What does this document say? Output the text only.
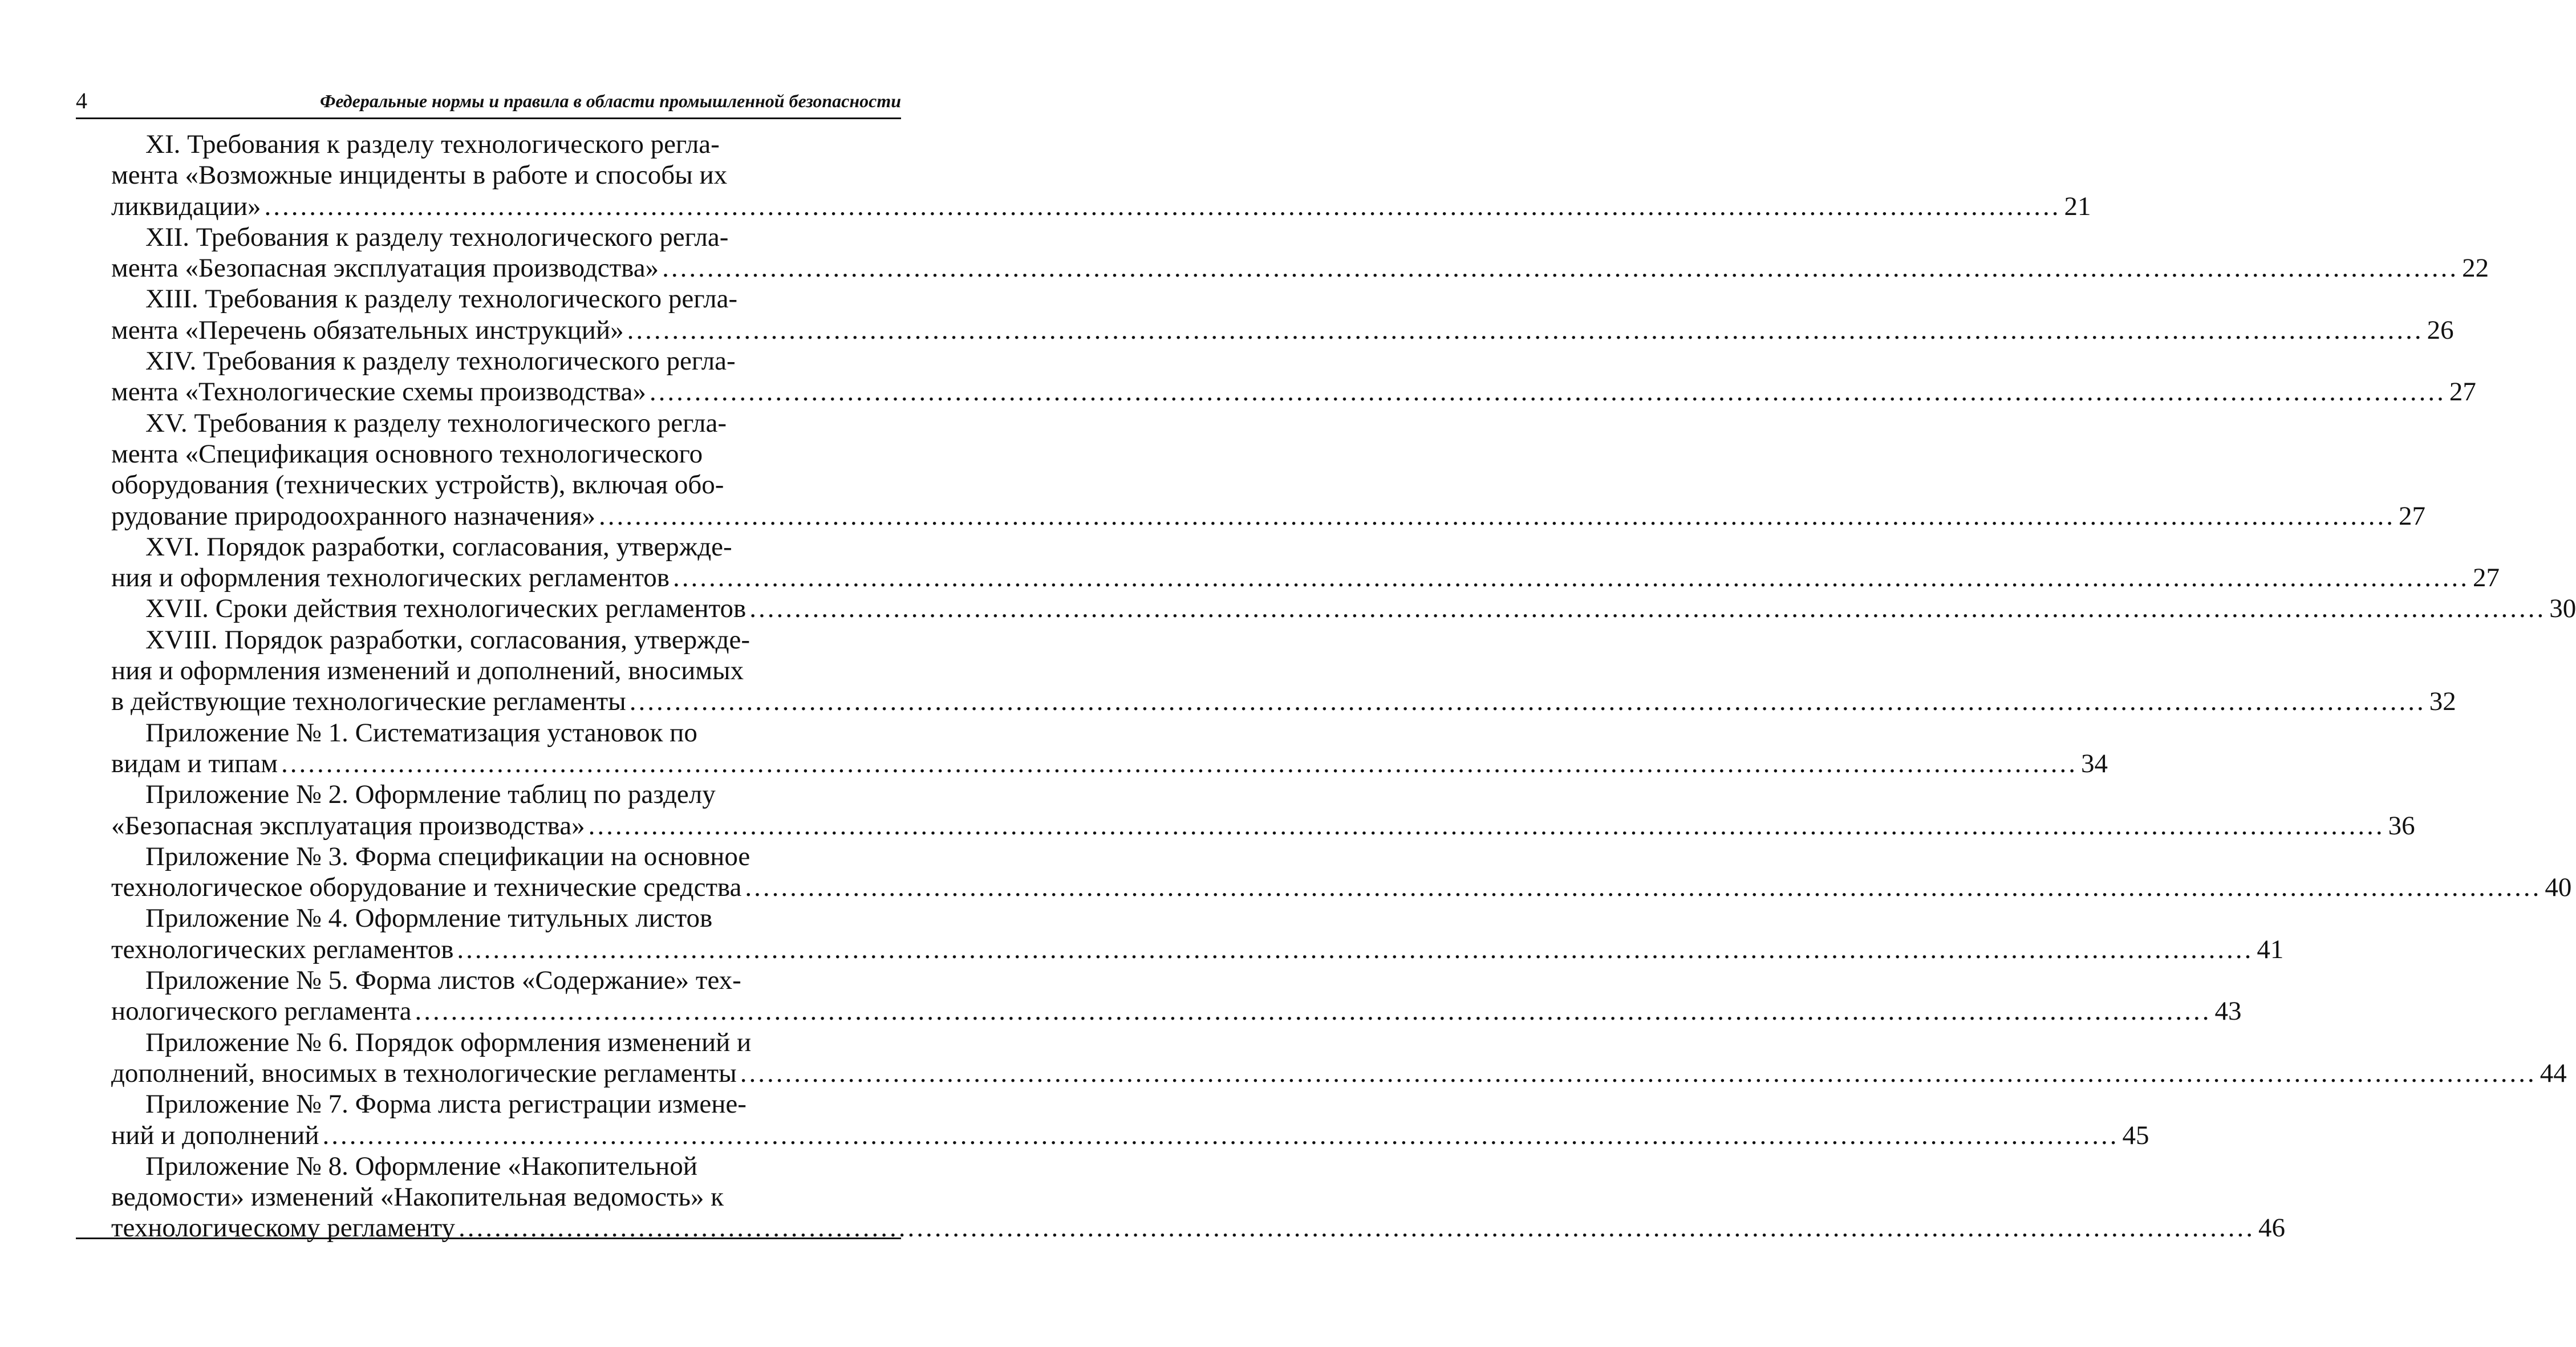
4	Федеральные нормы и правила в области промышленной безопасности
XI. Требования к разделу технологического регла-
мента «Возможные инциденты в работе и способы их
ликвидации» ........................................................................................................................................................................................................ 21
XII. Требования к разделу технологического регла-
мента «Безопасная эксплуатация производства» ........................................................................................................................................................................................................ 22
XIII. Требования к разделу технологического регла-
мента «Перечень обязательных инструкций» ........................................................................................................................................................................................................ 26
XIV. Требования к разделу технологического регла-
мента «Технологические схемы производства» ........................................................................................................................................................................................................ 27
XV. Требования к разделу технологического регла-
мента «Спецификация основного технологического
оборудования (технических устройств), включая обо-
рудование природоохранного назначения» ........................................................................................................................................................................................................ 27
XVI. Порядок разработки, согласования, утвержде-
ния и оформления технологических регламентов ........................................................................................................................................................................................................ 27
XVII. Сроки действия технологических регламентов ........................................................................................................................................................................................................ 30
XVIII. Порядок разработки, согласования, утвержде-
ния и оформления изменений и дополнений, вносимых
в действующие технологические регламенты ........................................................................................................................................................................................................ 32
Приложение № 1. Систематизация установок по
видам и типам ........................................................................................................................................................................................................ 34
Приложение № 2. Оформление таблиц по разделу
«Безопасная эксплуатация производства» ........................................................................................................................................................................................................ 36
Приложение № 3. Форма спецификации на основное
технологическое оборудование и технические средства ........................................................................................................................................................................................................ 40
Приложение № 4. Оформление титульных листов
технологических регламентов ........................................................................................................................................................................................................ 41
Приложение № 5. Форма листов «Содержание» тех-
нологического регламента ........................................................................................................................................................................................................ 43
Приложение № 6. Порядок оформления изменений и
дополнений, вносимых в технологические регламенты ........................................................................................................................................................................................................ 44
Приложение № 7. Форма листа регистрации измене-
ний и дополнений ........................................................................................................................................................................................................ 45
Приложение № 8. Оформление «Накопительной
ведомости» изменений «Накопительная ведомость» к
технологическому регламенту ........................................................................................................................................................................................................ 46
